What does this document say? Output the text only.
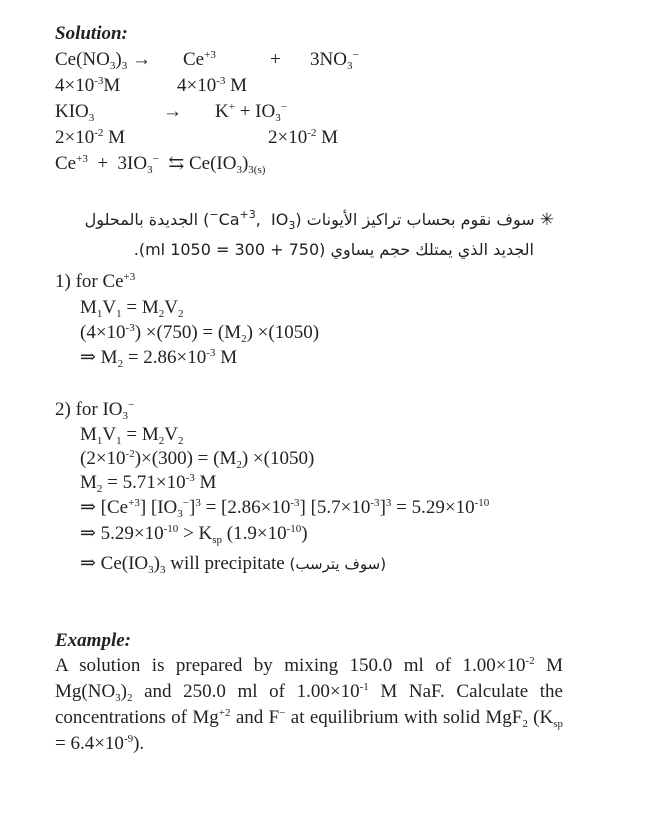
Solution:
$Ce(NO_3)_3 \to Ce^{+3}$	+ $3NO_3^-$
$4\times 10^{-3}M$	$4\times 10^{-3}$ M
$KIO_3$	→ $K^+ + IO_3^-$
$2\times 10^{-2}$ M	$2\times 10^{-2}$ M
$Ce^{+3} + 3IO_3^-$  ⇆ $Ce(IO_3)_{3(s)}$
✳ سوف نقوم بحساب تراكيز الأيونات ($Ca^{+3}$,  $IO_3^-$) الجديدة بالمحلول
الجديد الذي يمتلك حجم يساوي (750 + 300 = 1050 ml).
1) for $Ce^{+3}$
$M_1V_1 = M_2V_2$
$(4\times 10^{-3}) \times(750) = (M_2) \times(1050)$
⇒ $M_2 = 2.86\times 10^{-3}$ M
2) for $IO_3^-$
$M_1V_1 = M_2V_2$
$(2\times 10^{-2})\times(300) = (M_2) \times(1050)$
$M_2 = 5.71\times 10^{-3}$ M
⇒ $[Ce^{+3}] [IO_3^-]^3 = [2.86\times 10^{-3}] [5.7\times 10^{-3}]^3 = 5.29\times 10^{-10}$
⇒ $5.29\times 10^{-10} > K_{sp}$ $(1.9\times 10^{-10})$
⇒ $Ce(IO_3)_3$ will precipitate (سوف يترسب)
Example:
A solution is prepared by mixing 150.0 ml of $1.00\times 10^{-2}$ M $Mg(NO_3)_2$ and 250.0 ml of $1.00\times 10^{-1}$ M NaF. Calculate the concentrations of $Mg^{+2}$ and F− at equilibrium with solid MgF$_2$ $(K_{sp} = 6.4\times 10^{-9})$.
